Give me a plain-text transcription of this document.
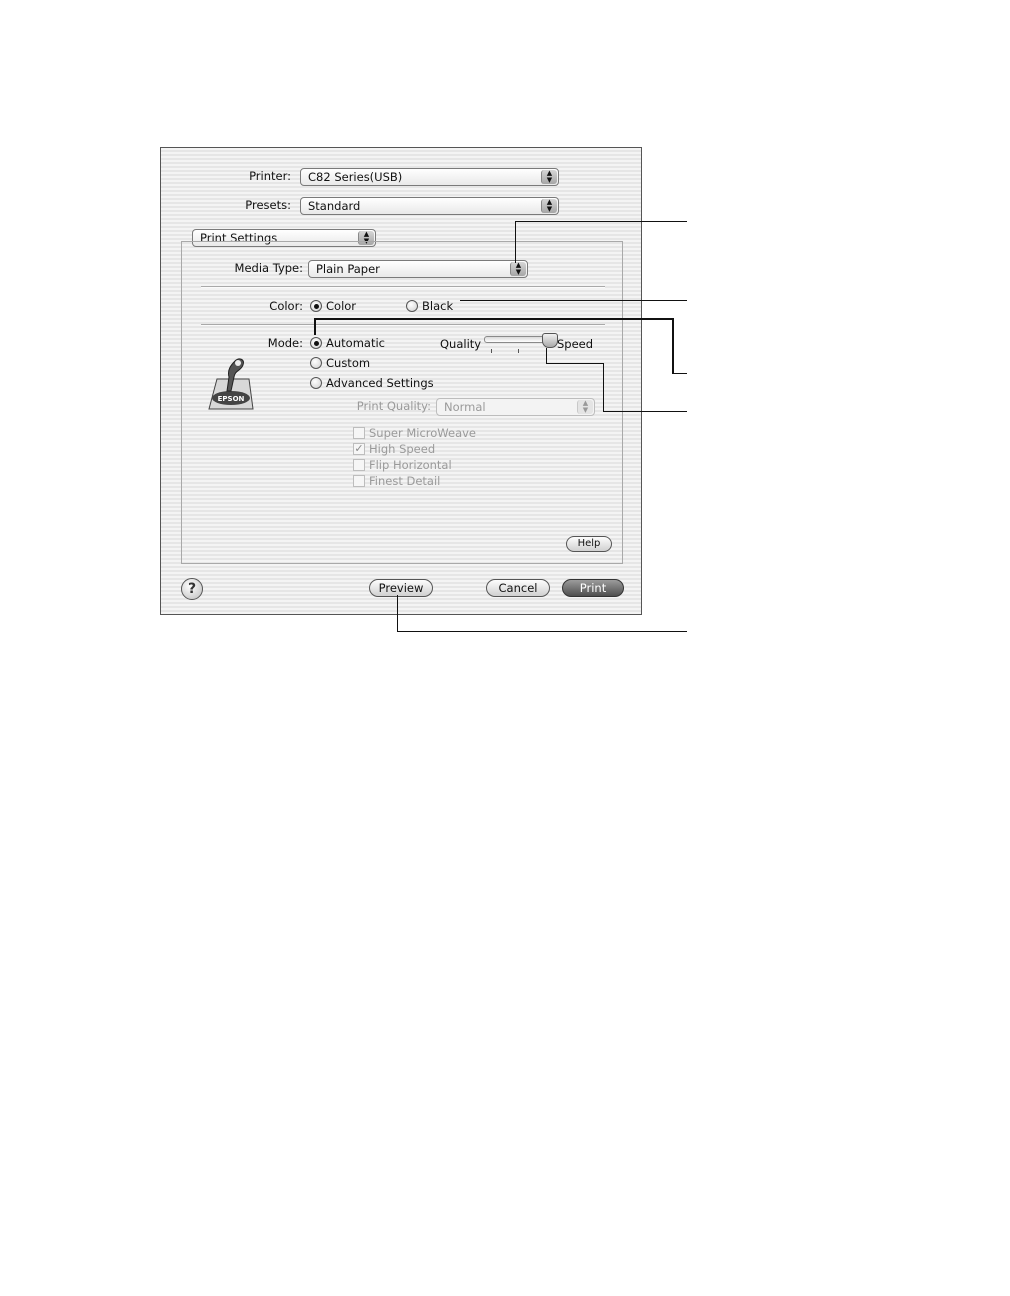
Printer:	C82 Series(USB)	▲
▼
Presets:	Standard	▲
▼
Print Settings	▲
▼
Media Type:	Plain Paper	▲
▼
Color: Color	Black
Mode: Automatic
Custom
Advanced Settings
Quality	Speed
EPSON	Print Quality:	Normal	▲
▼
Super MicroWeave
✓ High Speed
Flip Horizontal
Finest Detail
Help
?	Preview	Cancel	Print
